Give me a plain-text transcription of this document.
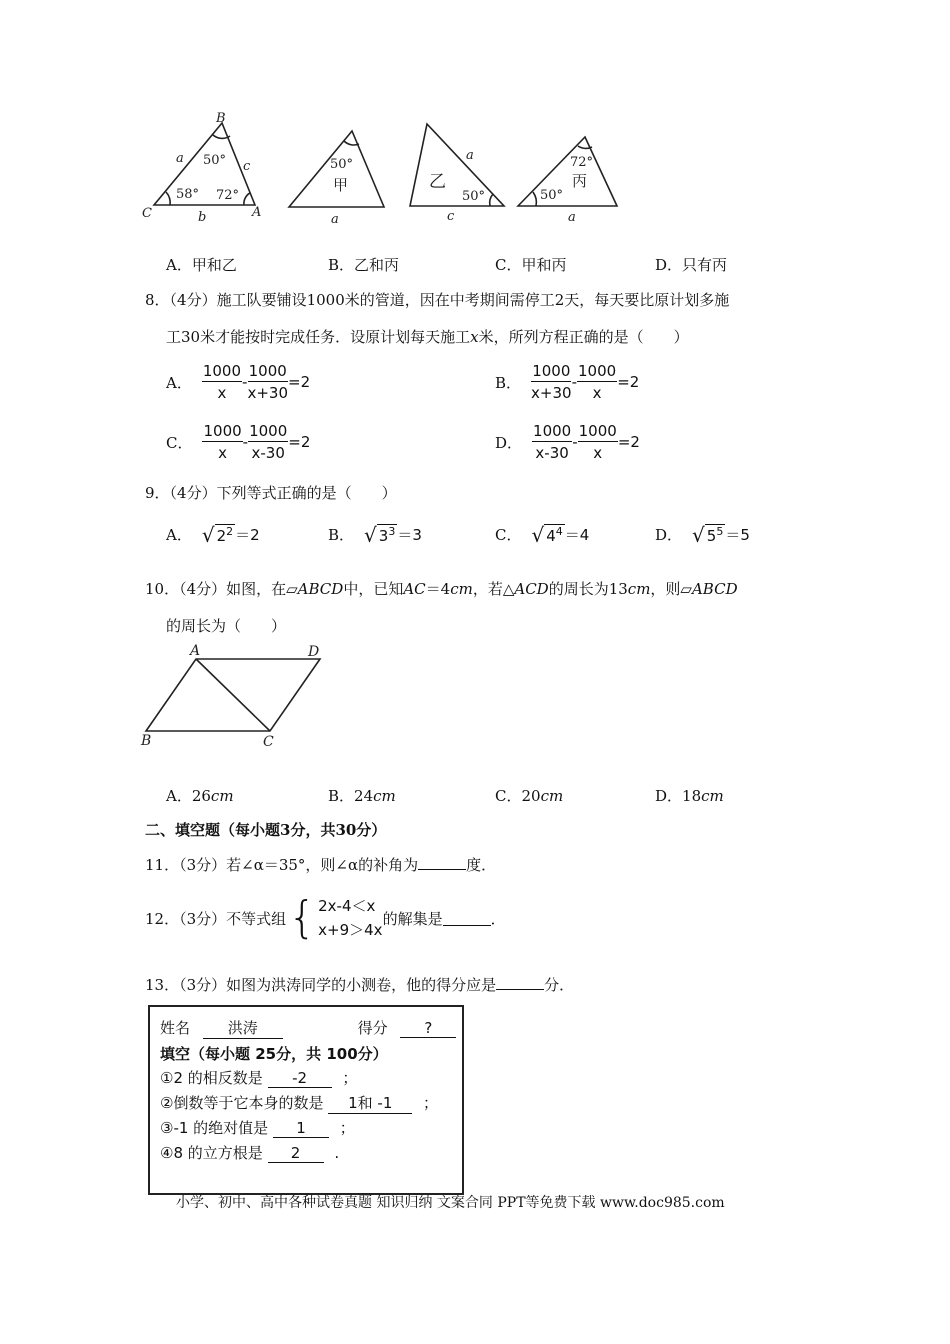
B
C	A
a
c
b
50°
58° 72°
50°
甲
a
a
乙
50°
c
72°
丙
50°
a
A．甲和乙	B．乙和丙	C．甲和丙	D．只有丙
8．（4分）施工队要铺设1000米的管道，因在中考期间需停工2天，每天要比原计划多施
工30米才能按时完成任务．设原计划每天施工x米，所列方程正确的是（　　）
A． $\frac{1000}{x} - \frac{1000}{x+30} =2$	B． $\frac{1000}{x+30} - \frac{1000}{x} =2$
C． $\frac{1000}{x} - \frac{1000}{x-30} =2$	D． $\frac{1000}{x-30} - \frac{1000}{x} =2$
9．（4分）下列等式正确的是（　　）
A． √ $2^2 =2$	B． √ $3^3 =3$	C． √ $4^4 =4$	D． √ $5^5 =5$
10．（4分）如图，在▱ABCD中，已知AC＝4cm，若△ACD的周长为13cm，则▱ABCD
的周长为（　　）
A	D
B	C
A．26cm	B．24cm	C．20cm	D．18cm
二、填空题（每小题3分，共30分）
11．（3分）若∠α＝35°，则∠α的补角为	度．
12．（3分）不等式组 { 2x-4＜x
x+9＞4x
的解集是	．
13．（3分）如图为洪涛同学的小测卷，他的得分应是	分．
姓名	洪涛	得分 ?
填空（每小题 25分，共 100分）
①2 的相反数是 -2 ；
②倒数等于它本身的数是 1和 -1 ；
③-1 的绝对值是 1 ；
④8 的立方根是 2 .
小学、初中、高中各种试卷真题 知识归纳 文案合同 PPT等免费下载 www.doc985.com
